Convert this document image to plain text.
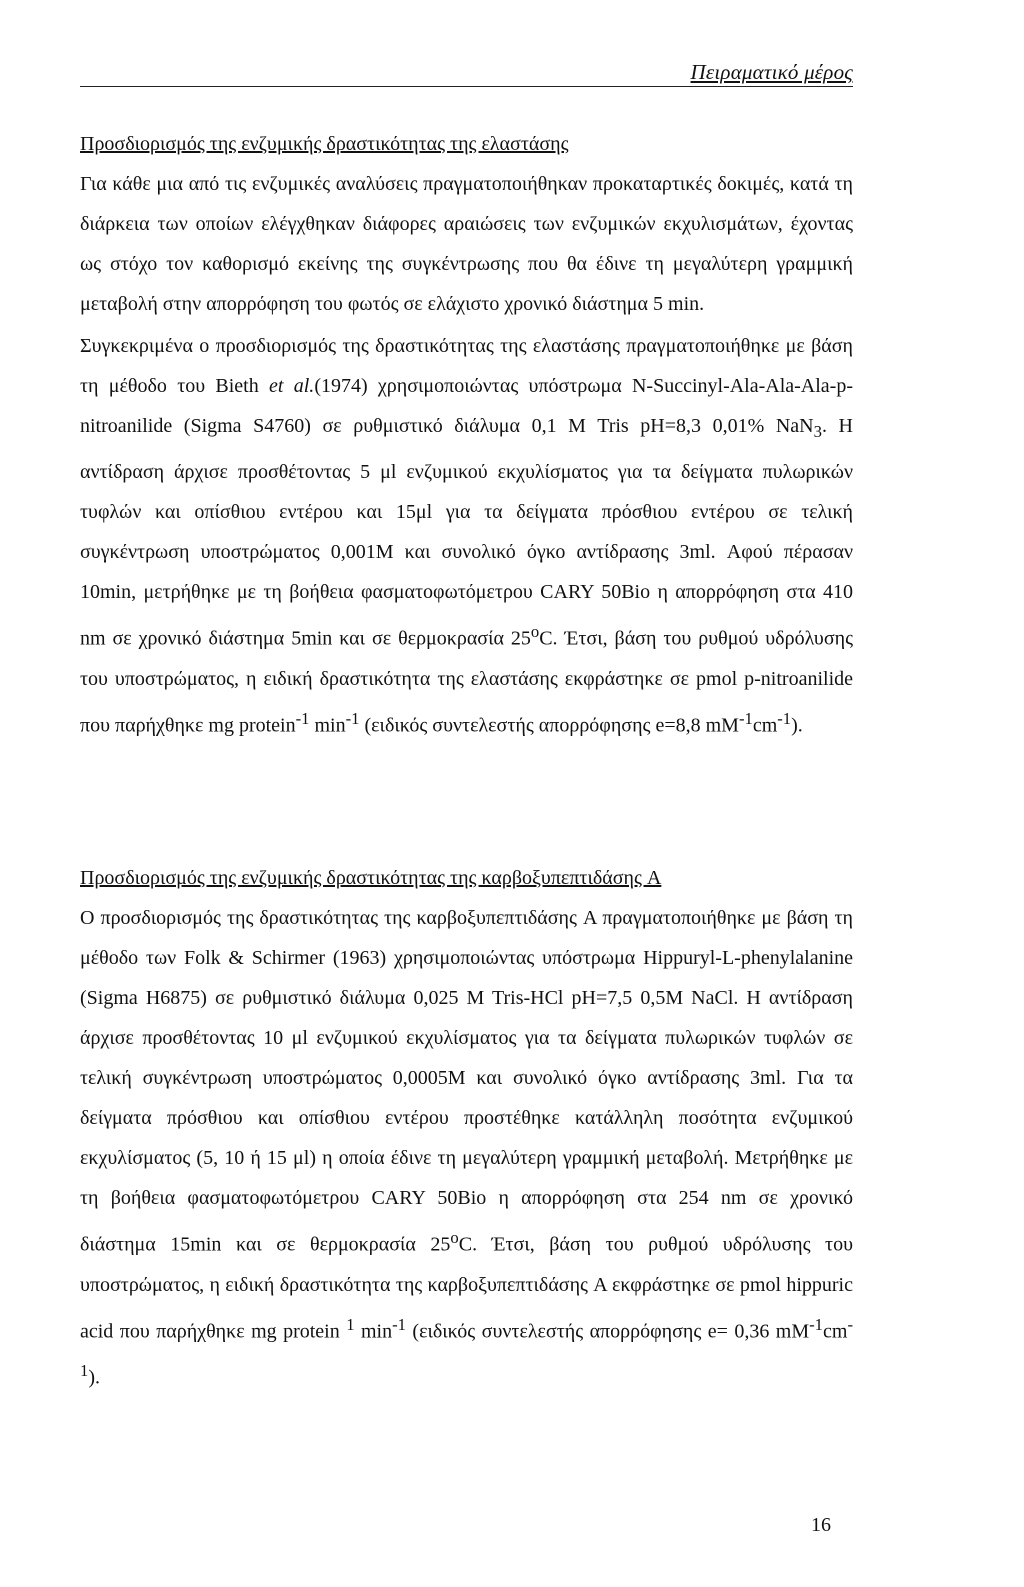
Πειραματικό μέρος
Προσδιορισμός της ενζυμικής δραστικότητας της ελαστάσης
Για κάθε μια από τις ενζυμικές αναλύσεις πραγματοποιήθηκαν προκαταρτικές δοκιμές, κατά τη διάρκεια των οποίων ελέγχθηκαν διάφορες αραιώσεις των ενζυμικών εκχυλισμάτων, έχοντας ως στόχο τον καθορισμό εκείνης της συγκέντρωσης που θα έδινε τη μεγαλύτερη γραμμική μεταβολή στην απορρόφηση του φωτός σε ελάχιστο χρονικό διάστημα 5 min.
Συγκεκριμένα ο προσδιορισμός της δραστικότητας της ελαστάσης πραγματοποιήθηκε με βάση τη μέθοδο του Bieth et al.(1974) χρησιμοποιώντας υπόστρωμα N-Succinyl-Ala-Ala-Ala-p-nitroanilide (Sigma S4760) σε ρυθμιστικό διάλυμα 0,1 M Tris pH=8,3 0,01% NaN$_3$. Η αντίδραση άρχισε προσθέτοντας 5 μl ενζυμικού εκχυλίσματος για τα δείγματα πυλωρικών τυφλών και οπίσθιου εντέρου και 15μl για τα δείγματα πρόσθιου εντέρου σε τελική συγκέντρωση υποστρώματος 0,001M και συνολικό όγκο αντίδρασης 3ml. Αφού πέρασαν 10min, μετρήθηκε με τη βοήθεια φασματοφωτόμετρου CARY 50Bio η απορρόφηση στα 410 nm σε χρονικό διάστημα 5min και σε θερμοκρασία 25$^o$C. Έτσι, βάση του ρυθμού υδρόλυσης του υποστρώματος, η ειδική δραστικότητα της ελαστάσης εκφράστηκε σε pmol p-nitroanilide που παρήχθηκε mg protein$^{-1}$ $\min^{-1} (\varepsilon\iota\delta\iota\kappa ό\varsigma$ συντελεστής απορρόφησης e=8,8 $mM^{-1}cm^{-1}$).
Προσδιορισμός της ενζυμικής δραστικότητας της καρβοξυπεπτιδάσης A
Ο προσδιορισμός της δραστικότητας της καρβοξυπεπτιδάσης A πραγματοποιήθηκε με βάση τη μέθοδο των Folk & Schirmer (1963) χρησιμοποιώντας υπόστρωμα Hippuryl-L-phenylalanine (Sigma H6875) σε ρυθμιστικό διάλυμα 0,025 M Tris-HCl pH=7,5 0,5M NaCl. Η αντίδραση άρχισε προσθέτοντας 10 μl ενζυμικού εκχυλίσματος για τα δείγματα πυλωρικών τυφλών σε τελική συγκέντρωση υποστρώματος 0,0005M και συνολικό όγκο αντίδρασης 3ml. Για τα δείγματα πρόσθιου και οπίσθιου εντέρου προστέθηκε κατάλληλη ποσότητα ενζυμικού εκχυλίσματος (5, 10 ή 15 μl) η οποία έδινε τη μεγαλύτερη γραμμική μεταβολή. Μετρήθηκε με τη βοήθεια φασματοφωτόμετρου CARY 50Bio η απορρόφηση στα 254 nm σε χρονικό διάστημα 15min και σε θερμοκρασία 25$^o$C. Έτσι, βάση του ρυθμού υδρόλυσης του υποστρώματος, η ειδική δραστικότητα της καρβοξυπεπτιδάσης A εκφράστηκε σε pmol hippuric acid που παρήχθηκε mg protein $^1$ $\min^{-1} (\varepsilon\iota\delta\iota\kappa ό\varsigma$ συντελεστής απορρόφησης e= 0,36 $mM^{-1}cm^{-1}$).
16
